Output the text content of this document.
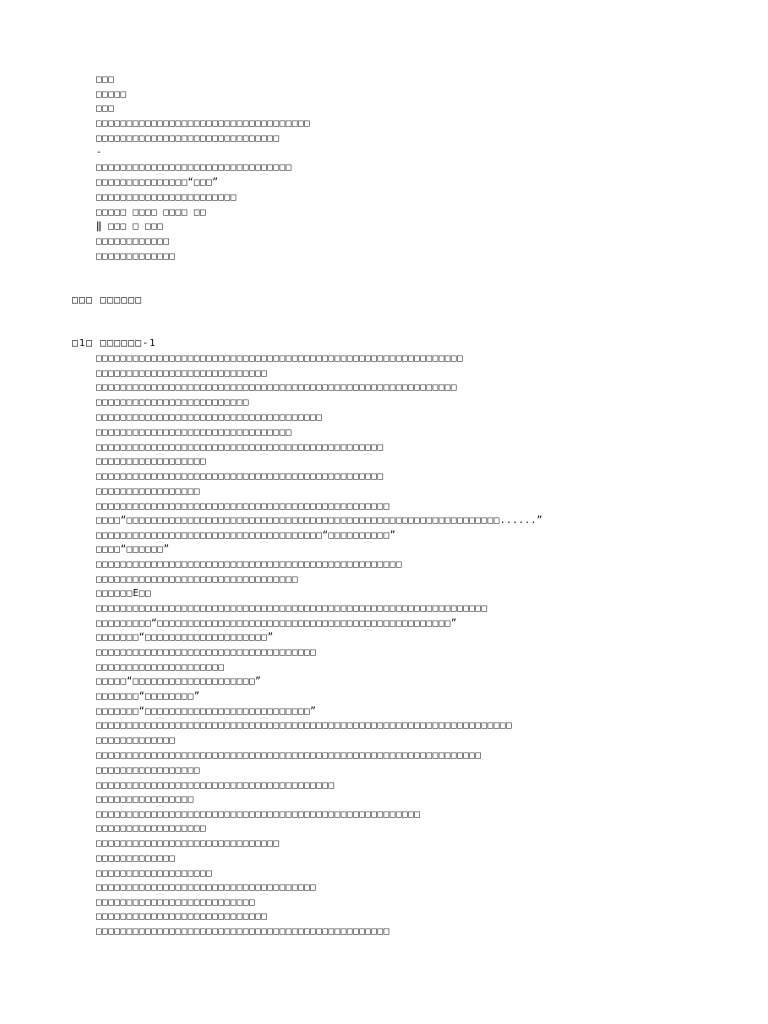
□□□
□□□□□
□□□
□□□□□□□□□□□□□□□□□□□□□□□□□□□□□□□□□□□
□□□□□□□□□□□□□□□□□□□□□□□□□□□□□□
-
□□□□□□□□□□□□□□□□□□□□□□□□□□□□□□□□
□□□□□□□□□□□□□□□“□□□”
□□□□□□□□□□□□□□□□□□□□□□□
□□□□□ □□□□ □□□□ □□
‖ □□□ □ □□□
□□□□□□□□□□□□
□□□□□□□□□□□□□
□□□ □□□□□□
□1□ □□□□□□-1
□□□□□□□□□□□□□□□□□□□□□□□□□□□□□□□□□□□□□□□□□□□□□□□□□□□□□□□□□□□□
□□□□□□□□□□□□□□□□□□□□□□□□□□□□
□□□□□□□□□□□□□□□□□□□□□□□□□□□□□□□□□□□□□□□□□□□□□□□□□□□□□□□□□□□
□□□□□□□□□□□□□□□□□□□□□□□□□
□□□□□□□□□□□□□□□□□□□□□□□□□□□□□□□□□□□□□
□□□□□□□□□□□□□□□□□□□□□□□□□□□□□□□□
□□□□□□□□□□□□□□□□□□□□□□□□□□□□□□□□□□□□□□□□□□□□□□□
□□□□□□□□□□□□□□□□□□
□□□□□□□□□□□□□□□□□□□□□□□□□□□□□□□□□□□□□□□□□□□□□□□
□□□□□□□□□□□□□□□□□
□□□□□□□□□□□□□□□□□□□□□□□□□□□□□□□□□□□□□□□□□□□□□□□□
□□□□“□□□□□□□□□□□□□□□□□□□□□□□□□□□□□□□□□□□□□□□□□□□□□□□□□□□□□□□□□□□□□......”
□□□□□□□□□□□□□□□□□□□□□□□□□□□□□□□□□□□□□“□□□□□□□□□□”
□□□□“□□□□□□”
□□□□□□□□□□□□□□□□□□□□□□□□□□□□□□□□□□□□□□□□□□□□□□□□□□
□□□□□□□□□□□□□□□□□□□□□□□□□□□□□□□□□
□□□□□□E□□
□□□□□□□□□□□□□□□□□□□□□□□□□□□□□□□□□□□□□□□□□□□□□□□□□□□□□□□□□□□□□□□□
□□□□□□□□□“□□□□□□□□□□□□□□□□□□□□□□□□□□□□□□□□□□□□□□□□□□□□□□□□”
□□□□□□□“□□□□□□□□□□□□□□□□□□□□”
□□□□□□□□□□□□□□□□□□□□□□□□□□□□□□□□□□□□
□□□□□□□□□□□□□□□□□□□□□
□□□□□“□□□□□□□□□□□□□□□□□□□□”
□□□□□□□“□□□□□□□□”
□□□□□□□“□□□□□□□□□□□□□□□□□□□□□□□□□□□”
□□□□□□□□□□□□□□□□□□□□□□□□□□□□□□□□□□□□□□□□□□□□□□□□□□□□□□□□□□□□□□□□□□□□
□□□□□□□□□□□□□
□□□□□□□□□□□□□□□□□□□□□□□□□□□□□□□□□□□□□□□□□□□□□□□□□□□□□□□□□□□□□□□
□□□□□□□□□□□□□□□□□
□□□□□□□□□□□□□□□□□□□□□□□□□□□□□□□□□□□□□□□
□□□□□□□□□□□□□□□□
□□□□□□□□□□□□□□□□□□□□□□□□□□□□□□□□□□□□□□□□□□□□□□□□□□□□□
□□□□□□□□□□□□□□□□□□
□□□□□□□□□□□□□□□□□□□□□□□□□□□□□□
□□□□□□□□□□□□□
□□□□□□□□□□□□□□□□□□□
□□□□□□□□□□□□□□□□□□□□□□□□□□□□□□□□□□□□
□□□□□□□□□□□□□□□□□□□□□□□□□□
□□□□□□□□□□□□□□□□□□□□□□□□□□□□
□□□□□□□□□□□□□□□□□□□□□□□□□□□□□□□□□□□□□□□□□□□□□□□□
